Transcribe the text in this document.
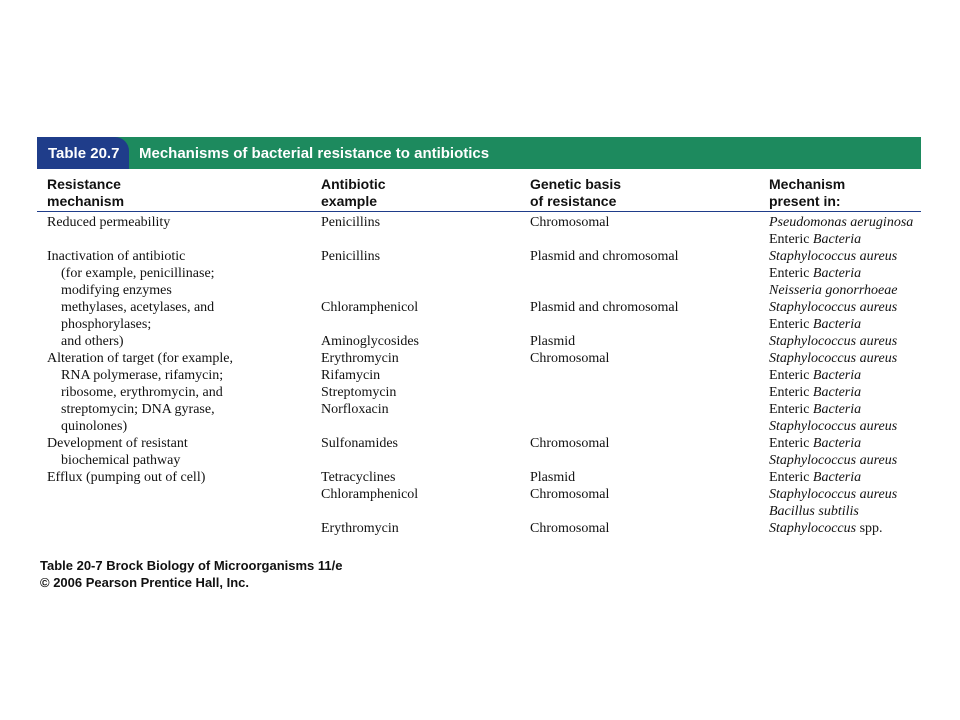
Table 20.7	Mechanisms of bacterial resistance to antibiotics
Resistance
mechanism
Antibiotic
example
Genetic basis
of resistance
Mechanism
present in:
Reduced permeability
Inactivation of antibiotic
(for example, penicillinase;
modifying enzymes
methylases, acetylases, and
phosphorylases;
and others)
Alteration of target (for example,
RNA polymerase, rifamycin;
ribosome, erythromycin, and
streptomycin; DNA gyrase,
quinolones)
Development of resistant
biochemical pathway
Efflux (pumping out of cell)
Penicillins
Penicillins
Chloramphenicol
Aminoglycosides
Erythromycin
Rifamycin
Streptomycin
Norfloxacin
Sulfonamides
Tetracyclines
Chloramphenicol
Erythromycin
Chromosomal
Plasmid and chromosomal
Plasmid and chromosomal
Plasmid
Chromosomal
Chromosomal
Plasmid
Chromosomal
Chromosomal
Pseudomonas aeruginosa
Enteric Bacteria
Staphylococcus aureus
Enteric Bacteria
Neisseria gonorrhoeae
Staphylococcus aureus
Enteric Bacteria
Staphylococcus aureus
Staphylococcus aureus
Enteric Bacteria
Enteric Bacteria
Enteric Bacteria
Staphylococcus aureus
Enteric Bacteria
Staphylococcus aureus
Enteric Bacteria
Staphylococcus aureus
Bacillus subtilis
Staphylococcus spp.
Table 20-7 Brock Biology of Microorganisms 11/e
© 2006 Pearson Prentice Hall, Inc.
